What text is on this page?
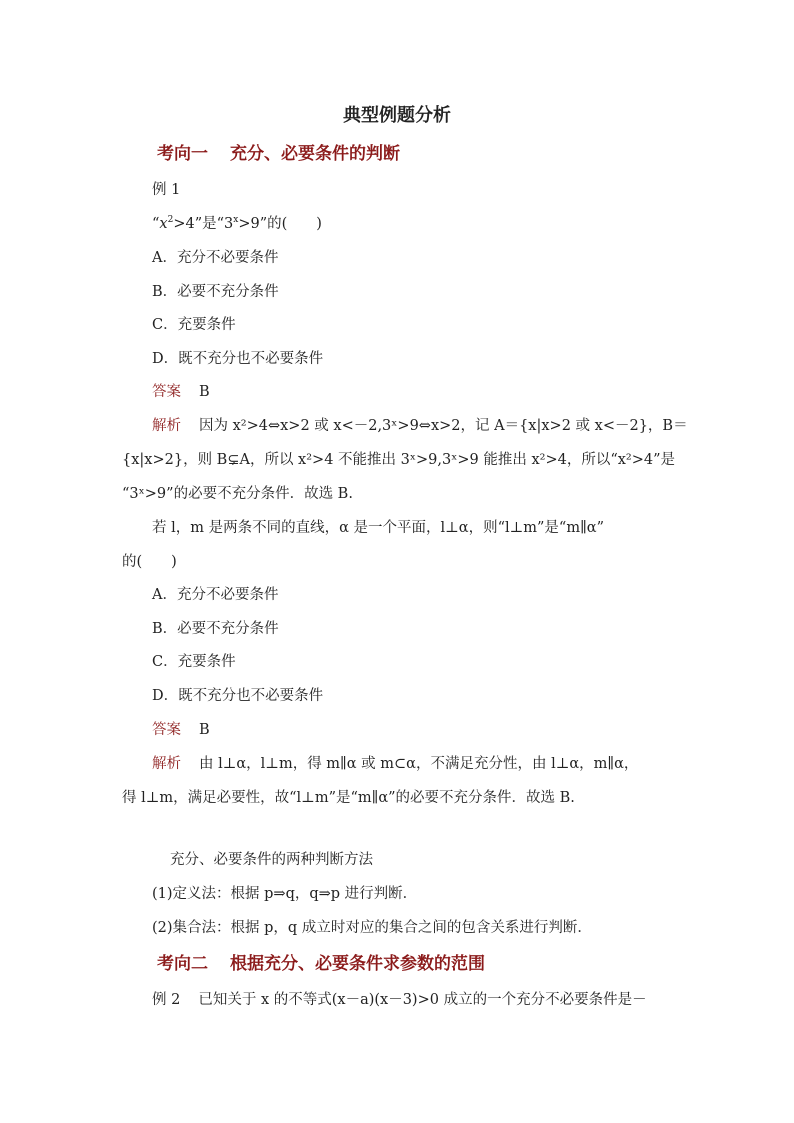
典型例题分析
考向一 充分、必要条件的判断
例 1
“$x^2>4$”是“$3^x>9$”的(　　)
A．充分不必要条件
B．必要不充分条件
C．充要条件
D．既不充分也不必要条件
答案 B
解析 因为 x²>4⇔x>2 或 x<－2,3ˣ>9⇔x>2，记 A＝{x|x>2 或 x<－2}，B＝
{x|x>2}，则 B⊊A，所以 x²>4 不能推出 3ˣ>9,3ˣ>9 能推出 x²>4，所以“x²>4”是
“3ˣ>9”的必要不充分条件．故选 B.
若 l，m 是两条不同的直线，α 是一个平面，l⊥α，则“l⊥m”是“m∥α”
的(　　)
A．充分不必要条件
B．必要不充分条件
C．充要条件
D．既不充分也不必要条件
答案 B
解析 由 l⊥α，l⊥m，得 m∥α 或 m⊂α，不满足充分性，由 l⊥α，m∥α，
得 l⊥m，满足必要性，故“l⊥m”是“m∥α”的必要不充分条件．故选 B.
充分、必要条件的两种判断方法
(1)定义法：根据 p⇒q，q⇒p 进行判断．
(2)集合法：根据 p，q 成立时对应的集合之间的包含关系进行判断．
考向二 根据充分、必要条件求参数的范围
例 2 已知关于 x 的不等式(x－a)(x－3)>0 成立的一个充分不必要条件是－
